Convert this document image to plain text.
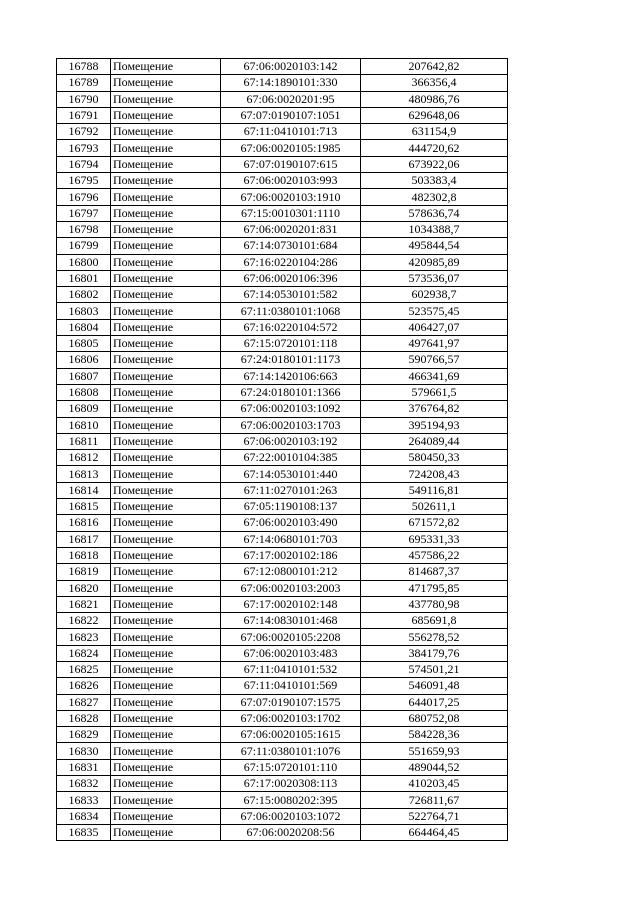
16788	Помещение	67:06:0020103:142	207642,82
16789	Помещение	67:14:1890101:330	366356,4
16790	Помещение	67:06:0020201:95	480986,76
16791	Помещение	67:07:0190107:1051	629648,06
16792	Помещение	67:11:0410101:713	631154,9
16793	Помещение	67:06:0020105:1985	444720,62
16794	Помещение	67:07:0190107:615	673922,06
16795	Помещение	67:06:0020103:993	503383,4
16796	Помещение	67:06:0020103:1910	482302,8
16797	Помещение	67:15:0010301:1110	578636,74
16798	Помещение	67:06:0020201:831	1034388,7
16799	Помещение	67:14:0730101:684	495844,54
16800	Помещение	67:16:0220104:286	420985,89
16801	Помещение	67:06:0020106:396	573536,07
16802	Помещение	67:14:0530101:582	602938,7
16803	Помещение	67:11:0380101:1068	523575,45
16804	Помещение	67:16:0220104:572	406427,07
16805	Помещение	67:15:0720101:118	497641,97
16806	Помещение	67:24:0180101:1173	590766,57
16807	Помещение	67:14:1420106:663	466341,69
16808	Помещение	67:24:0180101:1366	579661,5
16809	Помещение	67:06:0020103:1092	376764,82
16810	Помещение	67:06:0020103:1703	395194,93
16811	Помещение	67:06:0020103:192	264089,44
16812	Помещение	67:22:0010104:385	580450,33
16813	Помещение	67:14:0530101:440	724208,43
16814	Помещение	67:11:0270101:263	549116,81
16815	Помещение	67:05:1190108:137	502611,1
16816	Помещение	67:06:0020103:490	671572,82
16817	Помещение	67:14:0680101:703	695331,33
16818	Помещение	67:17:0020102:186	457586,22
16819	Помещение	67:12:0800101:212	814687,37
16820	Помещение	67:06:0020103:2003	471795,85
16821	Помещение	67:17:0020102:148	437780,98
16822	Помещение	67:14:0830101:468	685691,8
16823	Помещение	67:06:0020105:2208	556278,52
16824	Помещение	67:06:0020103:483	384179,76
16825	Помещение	67:11:0410101:532	574501,21
16826	Помещение	67:11:0410101:569	546091,48
16827	Помещение	67:07:0190107:1575	644017,25
16828	Помещение	67:06:0020103:1702	680752,08
16829	Помещение	67:06:0020105:1615	584228,36
16830	Помещение	67:11:0380101:1076	551659,93
16831	Помещение	67:15:0720101:110	489044,52
16832	Помещение	67:17:0020308:113	410203,45
16833	Помещение	67:15:0080202:395	726811,67
16834	Помещение	67:06:0020103:1072	522764,71
16835	Помещение	67:06:0020208:56	664464,45
